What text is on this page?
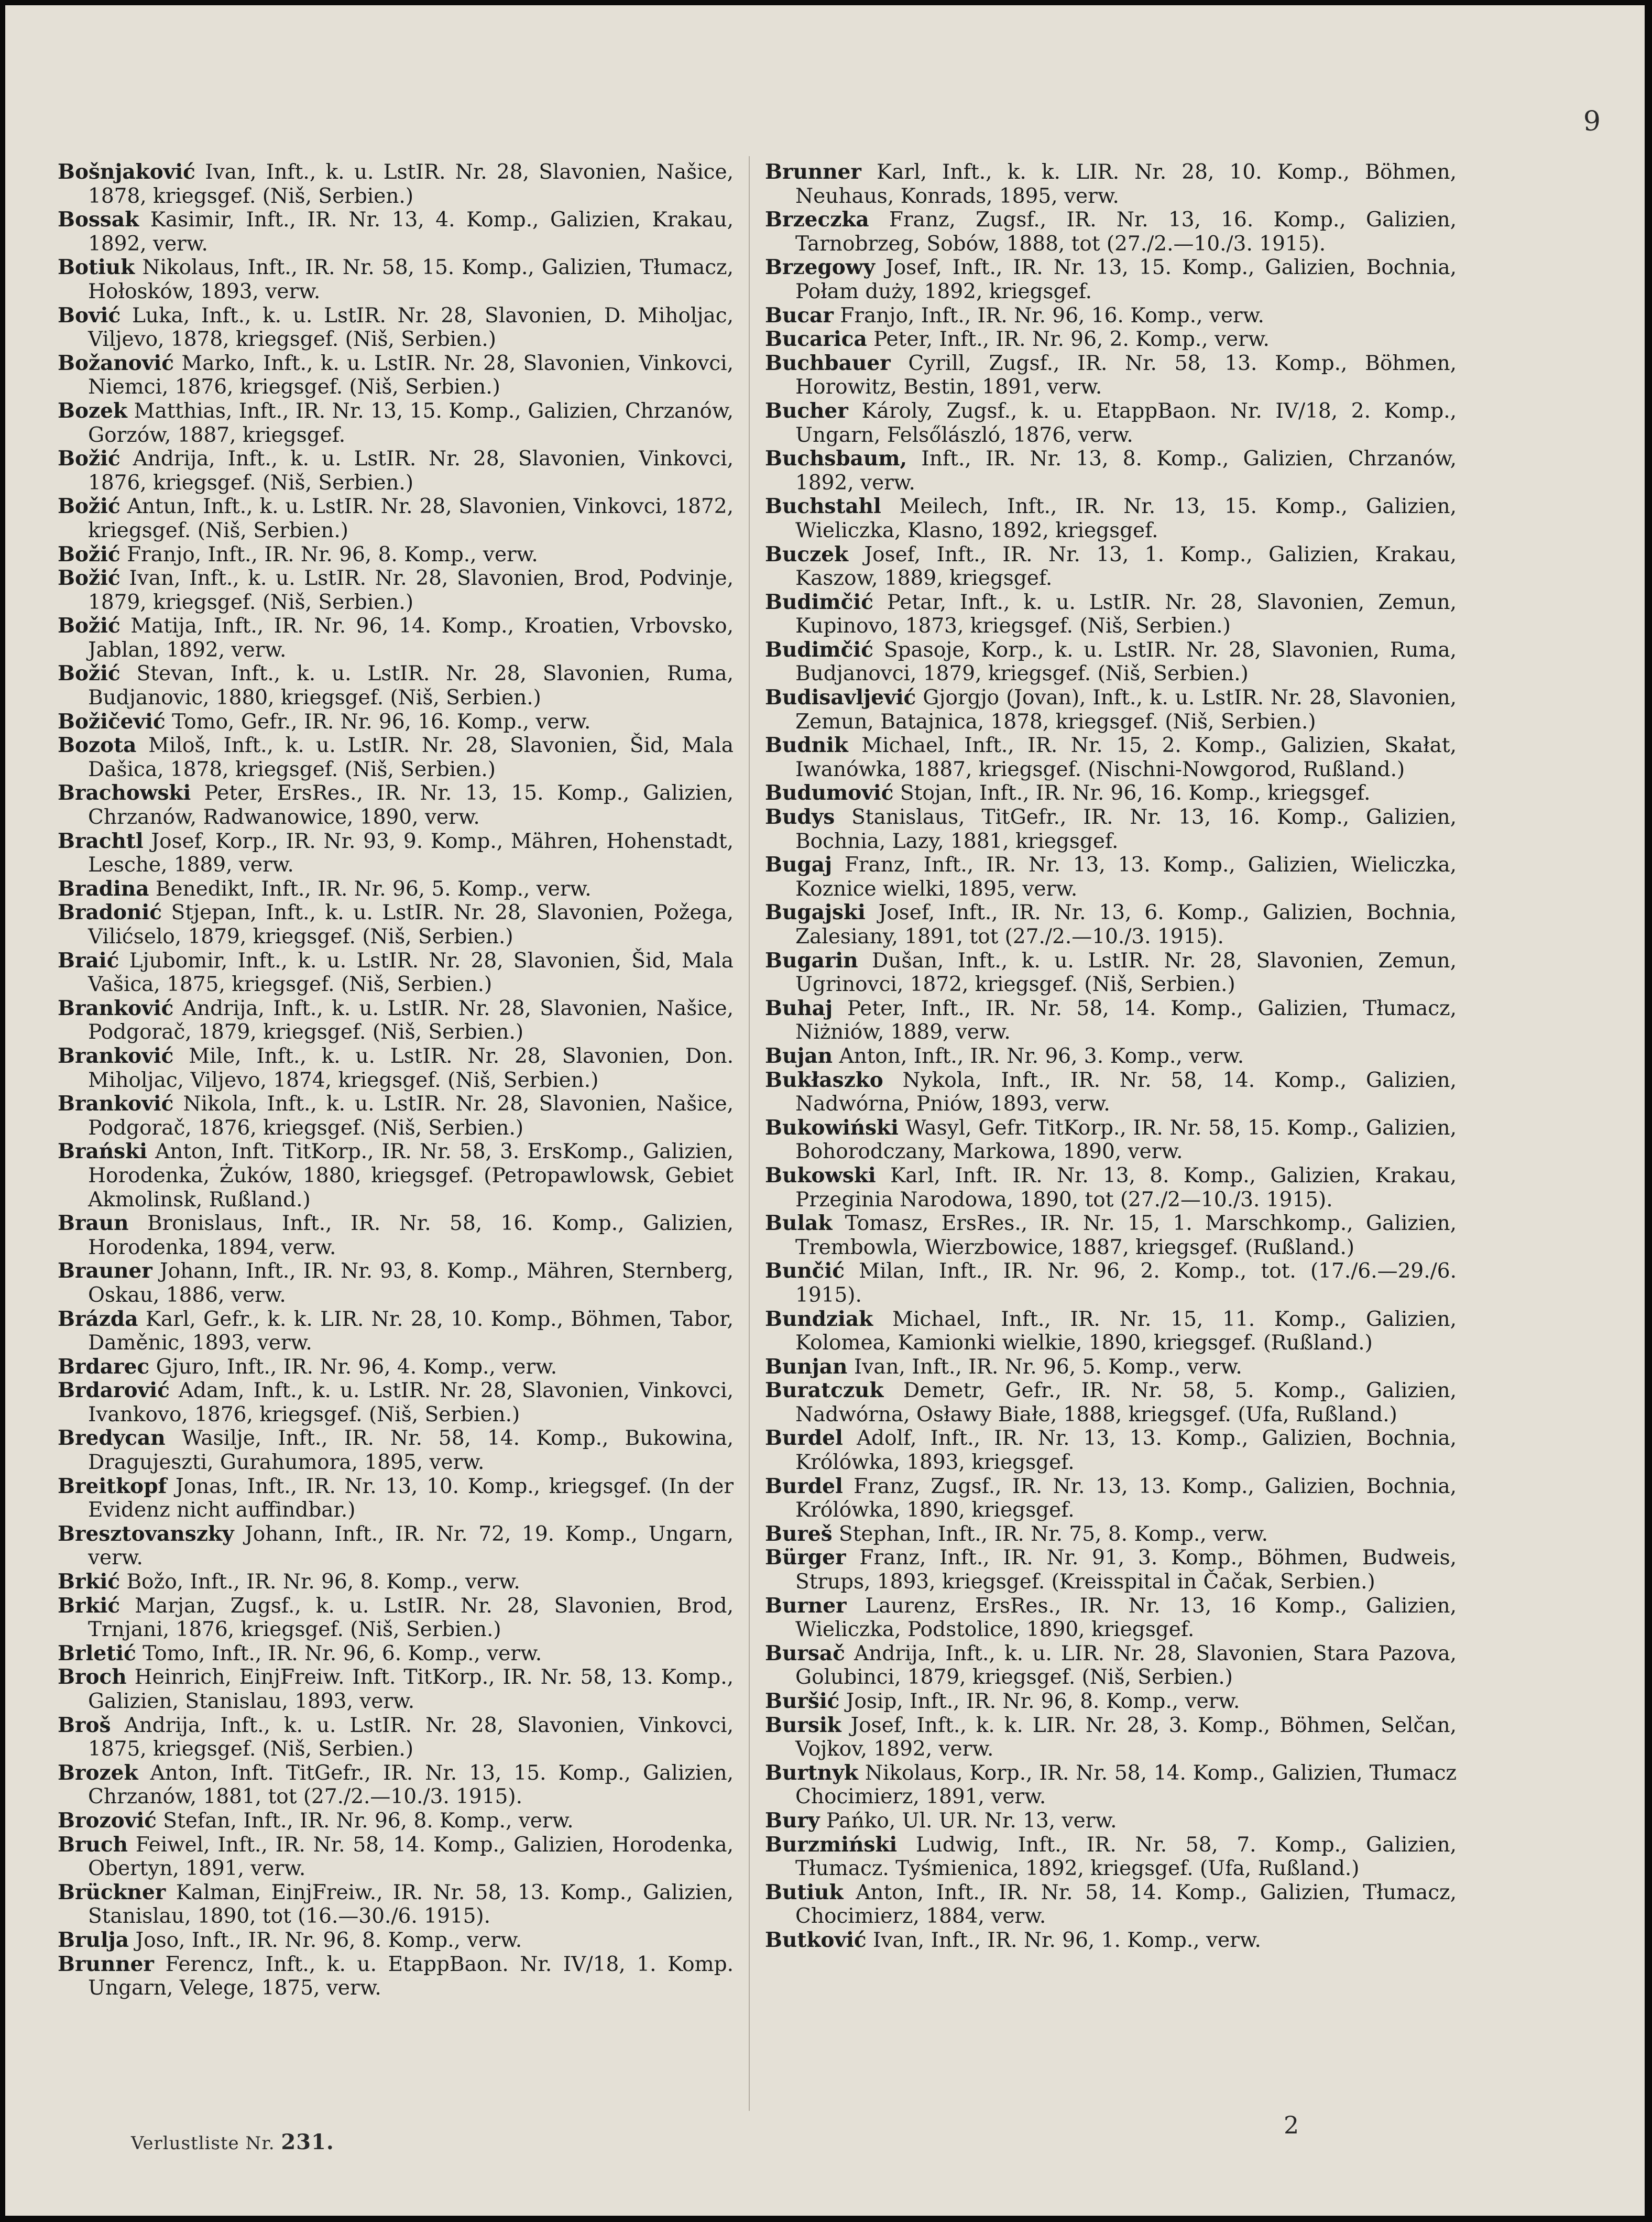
9

Bošnjaković Ivan, Inft., k. u. LstIR. Nr. 28, Slavonien, Našice, 1878, kriegsgef. (Niš, Serbien.)

Bossak Kasimir, Inft., IR. Nr. 13, 4. Komp., Galizien, Krakau, 1892, verw.

Botiuk Nikolaus, Inft., IR. Nr. 58, 15. Komp., Galizien, Tłumacz, Hołosków, 1893, verw.

Bović Luka, Inft., k. u. LstIR. Nr. 28, Slavonien, D. Miholjac, Viljevo, 1878, kriegsgef. (Niš, Serbien.)

Božanović Marko, Inft., k. u. LstIR. Nr. 28, Slavonien, Vinkovci, Niemci, 1876, kriegsgef. (Niš, Serbien.)

Bozek Matthias, Inft., IR. Nr. 13, 15. Komp., Galizien, Chrzanów, Gorzów, 1887, kriegsgef.

Božić Andrija, Inft., k. u. LstIR. Nr. 28, Slavonien, Vinkovci, 1876, kriegsgef. (Niš, Serbien.)

Božić Antun, Inft., k. u. LstIR. Nr. 28, Slavonien, Vinkovci, 1872, kriegsgef. (Niš, Serbien.)

Božić Franjo, Inft., IR. Nr. 96, 8. Komp., verw.

Božić Ivan, Inft., k. u. LstIR. Nr. 28, Slavonien, Brod, Podvinje, 1879, kriegsgef. (Niš, Serbien.)

Božić Matija, Inft., IR. Nr. 96, 14. Komp., Kroatien, Vrbovsko, Jablan, 1892, verw.

Božić Stevan, Inft., k. u. LstIR. Nr. 28, Slavonien, Ruma, Budjanovic, 1880, kriegsgef. (Niš, Serbien.)

Božičević Tomo, Gefr., IR. Nr. 96, 16. Komp., verw.

Bozota Miloš, Inft., k. u. LstIR. Nr. 28, Slavonien, Šid, Mala Dašica, 1878, kriegsgef. (Niš, Serbien.)

Brachowski Peter, ErsRes., IR. Nr. 13, 15. Komp., Galizien, Chrzanów, Radwanowice, 1890, verw.

Brachtl Josef, Korp., IR. Nr. 93, 9. Komp., Mähren, Hohenstadt, Lesche, 1889, verw.

Bradina Benedikt, Inft., IR. Nr. 96, 5. Komp., verw.

Bradonić Stjepan, Inft., k. u. LstIR. Nr. 28, Slavonien, Požega, Vilićselo, 1879, kriegsgef. (Niš, Serbien.)

Braić Ljubomir, Inft., k. u. LstIR. Nr. 28, Slavonien, Šid, Mala Vašica, 1875, kriegsgef. (Niš, Serbien.)

Branković Andrija, Inft., k. u. LstIR. Nr. 28, Slavonien, Našice, Podgorač, 1879, kriegsgef. (Niš, Serbien.)

Branković Mile, Inft., k. u. LstIR. Nr. 28, Slavonien, Don. Miholjac, Viljevo, 1874, kriegsgef. (Niš, Serbien.)

Branković Nikola, Inft., k. u. LstIR. Nr. 28, Slavonien, Našice, Podgorač, 1876, kriegsgef. (Niš, Serbien.)

Brański Anton, Inft. TitKorp., IR. Nr. 58, 3. ErsKomp., Galizien, Horodenka, Żuków, 1880, kriegsgef. (Petropawlowsk, Gebiet Akmolinsk, Rußland.)

Braun Bronislaus, Inft., IR. Nr. 58, 16. Komp., Galizien, Horodenka, 1894, verw.

Brauner Johann, Inft., IR. Nr. 93, 8. Komp., Mähren, Sternberg, Oskau, 1886, verw.

Brázda Karl, Gefr., k. k. LIR. Nr. 28, 10. Komp., Böhmen, Tabor, Daměnic, 1893, verw.

Brdarec Gjuro, Inft., IR. Nr. 96, 4. Komp., verw.

Brdarović Adam, Inft., k. u. LstIR. Nr. 28, Slavonien, Vinkovci, Ivankovo, 1876, kriegsgef. (Niš, Serbien.)

Bredycan Wasilje, Inft., IR. Nr. 58, 14. Komp., Bukowina, Dragujeszti, Gurahumora, 1895, verw.

Breitkopf Jonas, Inft., IR. Nr. 13, 10. Komp., kriegsgef. (In der Evidenz nicht auffindbar.)

Bresztovanszky Johann, Inft., IR. Nr. 72, 19. Komp., Ungarn, verw.

Brkić Božo, Inft., IR. Nr. 96, 8. Komp., verw.

Brkić Marjan, Zugsf., k. u. LstIR. Nr. 28, Slavonien, Brod, Trnjani, 1876, kriegsgef. (Niš, Serbien.)

Brletić Tomo, Inft., IR. Nr. 96, 6. Komp., verw.

Broch Heinrich, EinjFreiw. Inft. TitKorp., IR. Nr. 58, 13. Komp., Galizien, Stanislau, 1893, verw.

Broš Andrija, Inft., k. u. LstIR. Nr. 28, Slavonien, Vinkovci, 1875, kriegsgef. (Niš, Serbien.)

Brozek Anton, Inft. TitGefr., IR. Nr. 13, 15. Komp., Galizien, Chrzanów, 1881, tot (27./2.—10./3. 1915).

Brozović Stefan, Inft., IR. Nr. 96, 8. Komp., verw.

Bruch Feiwel, Inft., IR. Nr. 58, 14. Komp., Galizien, Horodenka, Obertyn, 1891, verw.

Brückner Kalman, EinjFreiw., IR. Nr. 58, 13. Komp., Galizien, Stanislau, 1890, tot (16.—30./6. 1915).

Brulja Joso, Inft., IR. Nr. 96, 8. Komp., verw.

Brunner Ferencz, Inft., k. u. EtappBaon. Nr. IV/18, 1. Komp. Ungarn, Velege, 1875, verw.

Brunner Karl, Inft., k. k. LIR. Nr. 28, 10. Komp., Böhmen, Neuhaus, Konrads, 1895, verw.

Brzeczka Franz, Zugsf., IR. Nr. 13, 16. Komp., Galizien, Tarnobrzeg, Sobów, 1888, tot (27./2.—10./3. 1915).

Brzegowy Josef, Inft., IR. Nr. 13, 15. Komp., Galizien, Bochnia, Połam duży, 1892, kriegsgef.

Bucar Franjo, Inft., IR. Nr. 96, 16. Komp., verw.

Bucarica Peter, Inft., IR. Nr. 96, 2. Komp., verw.

Buchbauer Cyrill, Zugsf., IR. Nr. 58, 13. Komp., Böhmen, Horowitz, Bestin, 1891, verw.

Bucher Károly, Zugsf., k. u. EtappBaon. Nr. IV/18, 2. Komp., Ungarn, Felsőlászló, 1876, verw.

Buchsbaum, Inft., IR. Nr. 13, 8. Komp., Galizien, Chrzanów, 1892, verw.

Buchstahl Meilech, Inft., IR. Nr. 13, 15. Komp., Galizien, Wieliczka, Klasno, 1892, kriegsgef.

Buczek Josef, Inft., IR. Nr. 13, 1. Komp., Galizien, Krakau, Kaszow, 1889, kriegsgef.

Budimčić Petar, Inft., k. u. LstIR. Nr. 28, Slavonien, Zemun, Kupinovo, 1873, kriegsgef. (Niš, Serbien.)

Budimčić Spasoje, Korp., k. u. LstIR. Nr. 28, Slavonien, Ruma, Budjanovci, 1879, kriegsgef. (Niš, Serbien.)

Budisavljević Gjorgjo (Jovan), Inft., k. u. LstIR. Nr. 28, Slavonien, Zemun, Batajnica, 1878, kriegsgef. (Niš, Serbien.)

Budnik Michael, Inft., IR. Nr. 15, 2. Komp., Galizien, Skałat, Iwanówka, 1887, kriegsgef. (Nischni-Nowgorod, Rußland.)

Budumović Stojan, Inft., IR. Nr. 96, 16. Komp., kriegsgef.

Budys Stanislaus, TitGefr., IR. Nr. 13, 16. Komp., Galizien, Bochnia, Lazy, 1881, kriegsgef.

Bugaj Franz, Inft., IR. Nr. 13, 13. Komp., Galizien, Wieliczka, Koznice wielki, 1895, verw.

Bugajski Josef, Inft., IR. Nr. 13, 6. Komp., Galizien, Bochnia, Zalesiany, 1891, tot (27./2.—10./3. 1915).

Bugarin Dušan, Inft., k. u. LstIR. Nr. 28, Slavonien, Zemun, Ugrinovci, 1872, kriegsgef. (Niš, Serbien.)

Buhaj Peter, Inft., IR. Nr. 58, 14. Komp., Galizien, Tłumacz, Niżniów, 1889, verw.

Bujan Anton, Inft., IR. Nr. 96, 3. Komp., verw.

Bukłaszko Nykola, Inft., IR. Nr. 58, 14. Komp., Galizien, Nadwórna, Pniów, 1893, verw.

Bukowiński Wasyl, Gefr. TitKorp., IR. Nr. 58, 15. Komp., Galizien, Bohorodczany, Markowa, 1890, verw.

Bukowski Karl, Inft. IR. Nr. 13, 8. Komp., Galizien, Krakau, Przeginia Narodowa, 1890, tot (27./2—10./3. 1915).

Bulak Tomasz, ErsRes., IR. Nr. 15, 1. Marschkomp., Galizien, Trembowla, Wierzbowice, 1887, kriegsgef. (Rußland.)

Bunčić Milan, Inft., IR. Nr. 96, 2. Komp., tot. (17./6.—29./6. 1915).

Bundziak Michael, Inft., IR. Nr. 15, 11. Komp., Galizien, Kolomea, Kamionki wielkie, 1890, kriegsgef. (Rußland.)

Bunjan Ivan, Inft., IR. Nr. 96, 5. Komp., verw.

Buratczuk Demetr, Gefr., IR. Nr. 58, 5. Komp., Galizien, Nadwórna, Osławy Białe, 1888, kriegsgef. (Ufa, Rußland.)

Burdel Adolf, Inft., IR. Nr. 13, 13. Komp., Galizien, Bochnia, Królówka, 1893, kriegsgef.

Burdel Franz, Zugsf., IR. Nr. 13, 13. Komp., Galizien, Bochnia, Królówka, 1890, kriegsgef.

Bureš Stephan, Inft., IR. Nr. 75, 8. Komp., verw.

Bürger Franz, Inft., IR. Nr. 91, 3. Komp., Böhmen, Budweis, Strups, 1893, kriegsgef. (Kreisspital in Čačak, Serbien.)

Burner Laurenz, ErsRes., IR. Nr. 13, 16 Komp., Galizien, Wieliczka, Podstolice, 1890, kriegsgef.

Bursač Andrija, Inft., k. u. LIR. Nr. 28, Slavonien, Stara Pazova, Golubinci, 1879, kriegsgef. (Niš, Serbien.)

Buršić Josip, Inft., IR. Nr. 96, 8. Komp., verw.

Bursik Josef, Inft., k. k. LIR. Nr. 28, 3. Komp., Böhmen, Selčan, Vojkov, 1892, verw.

Burtnyk Nikolaus, Korp., IR. Nr. 58, 14. Komp., Galizien, Tłumacz Chocimierz, 1891, verw.

Bury Pańko, Ul. UR. Nr. 13, verw.

Burzmiński Ludwig, Inft., IR. Nr. 58, 7. Komp., Galizien, Tłumacz. Tyśmienica, 1892, kriegsgef. (Ufa, Rußland.)

Butiuk Anton, Inft., IR. Nr. 58, 14. Komp., Galizien, Tłumacz, Chocimierz, 1884, verw.

Butković Ivan, Inft., IR. Nr. 96, 1. Komp., verw.

Verlustliste Nr. 231.
2
